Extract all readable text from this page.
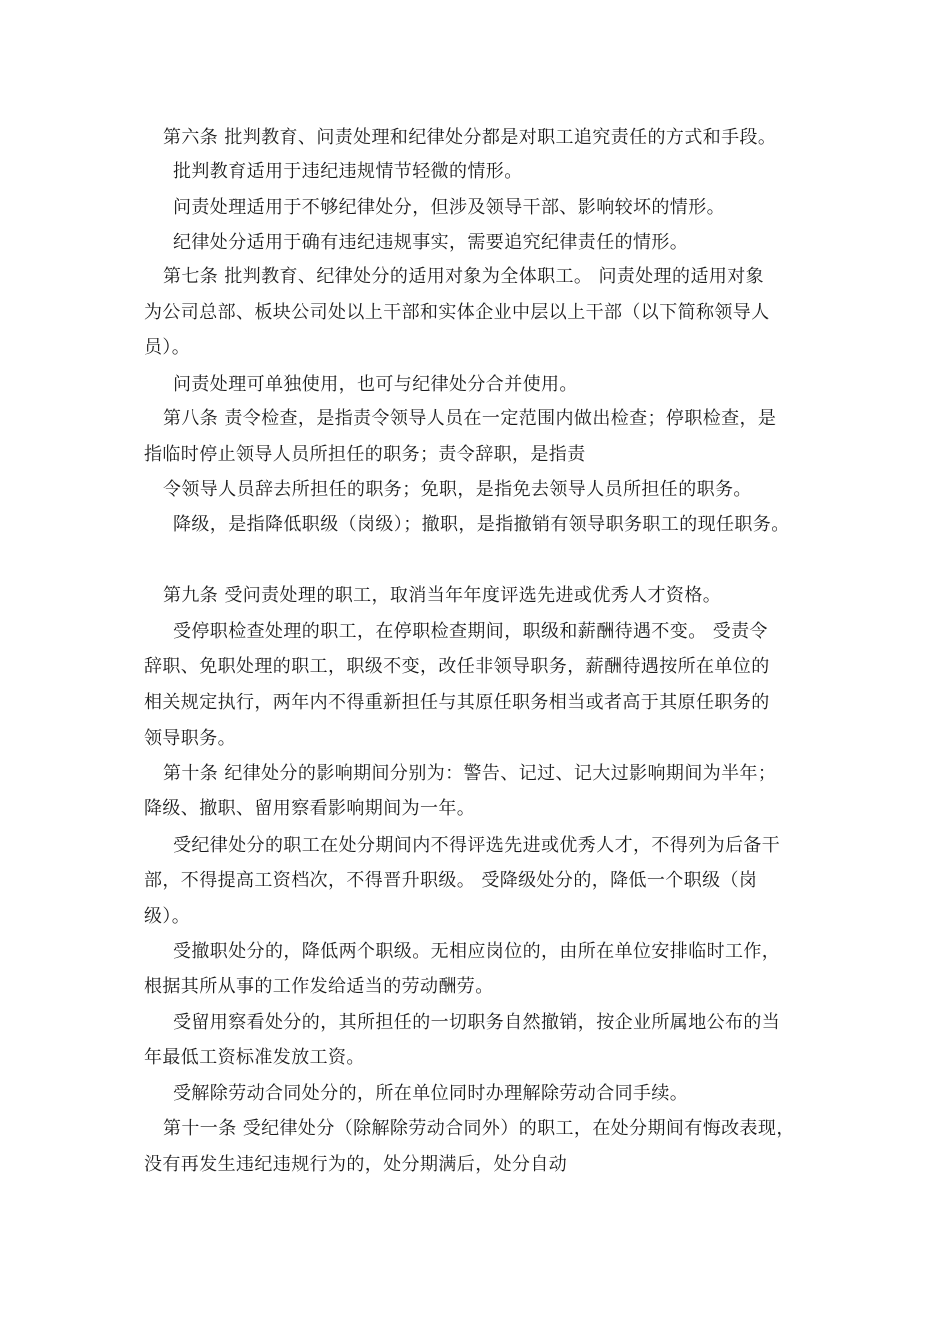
第六条 批判教育、问责处理和纪律处分都是对职工追究责任的方式和手段。
批判教育适用于违纪违规情节轻微的情形。
问责处理适用于不够纪律处分，但涉及领导干部、影响较坏的情形。
纪律处分适用于确有违纪违规事实，需要追究纪律责任的情形。
第七条 批判教育、纪律处分的适用对象为全体职工。 问责处理的适用对象
为公司总部、板块公司处以上干部和实体企业中层以上干部（以下简称领导人
员）。
问责处理可单独使用，也可与纪律处分合并使用。
第八条 责令检查，是指责令领导人员在一定范围内做出检查；停职检查，是
指临时停止领导人员所担任的职务；责令辞职，是指责
令领导人员辞去所担任的职务；免职，是指免去领导人员所担任的职务。
降级，是指降低职级（岗级）；撤职，是指撤销有领导职务职工的现任职务。
第九条 受问责处理的职工，取消当年年度评选先进或优秀人才资格。
受停职检查处理的职工，在停职检查期间，职级和薪酬待遇不变。 受责令
辞职、免职处理的职工，职级不变，改任非领导职务，薪酬待遇按所在单位的
相关规定执行，两年内不得重新担任与其原任职务相当或者高于其原任职务的
领导职务。
第十条 纪律处分的影响期间分别为：警告、记过、记大过影响期间为半年；
降级、撤职、留用察看影响期间为一年。
受纪律处分的职工在处分期间内不得评选先进或优秀人才，不得列为后备干
部，不得提高工资档次，不得晋升职级。 受降级处分的，降低一个职级（岗
级）。
受撤职处分的，降低两个职级。无相应岗位的，由所在单位安排临时工作，
根据其所从事的工作发给适当的劳动酬劳。
受留用察看处分的，其所担任的一切职务自然撤销，按企业所属地公布的当
年最低工资标准发放工资。
受解除劳动合同处分的，所在单位同时办理解除劳动合同手续。
第十一条 受纪律处分（除解除劳动合同外）的职工，在处分期间有悔改表现，
没有再发生违纪违规行为的，处分期满后，处分自动
